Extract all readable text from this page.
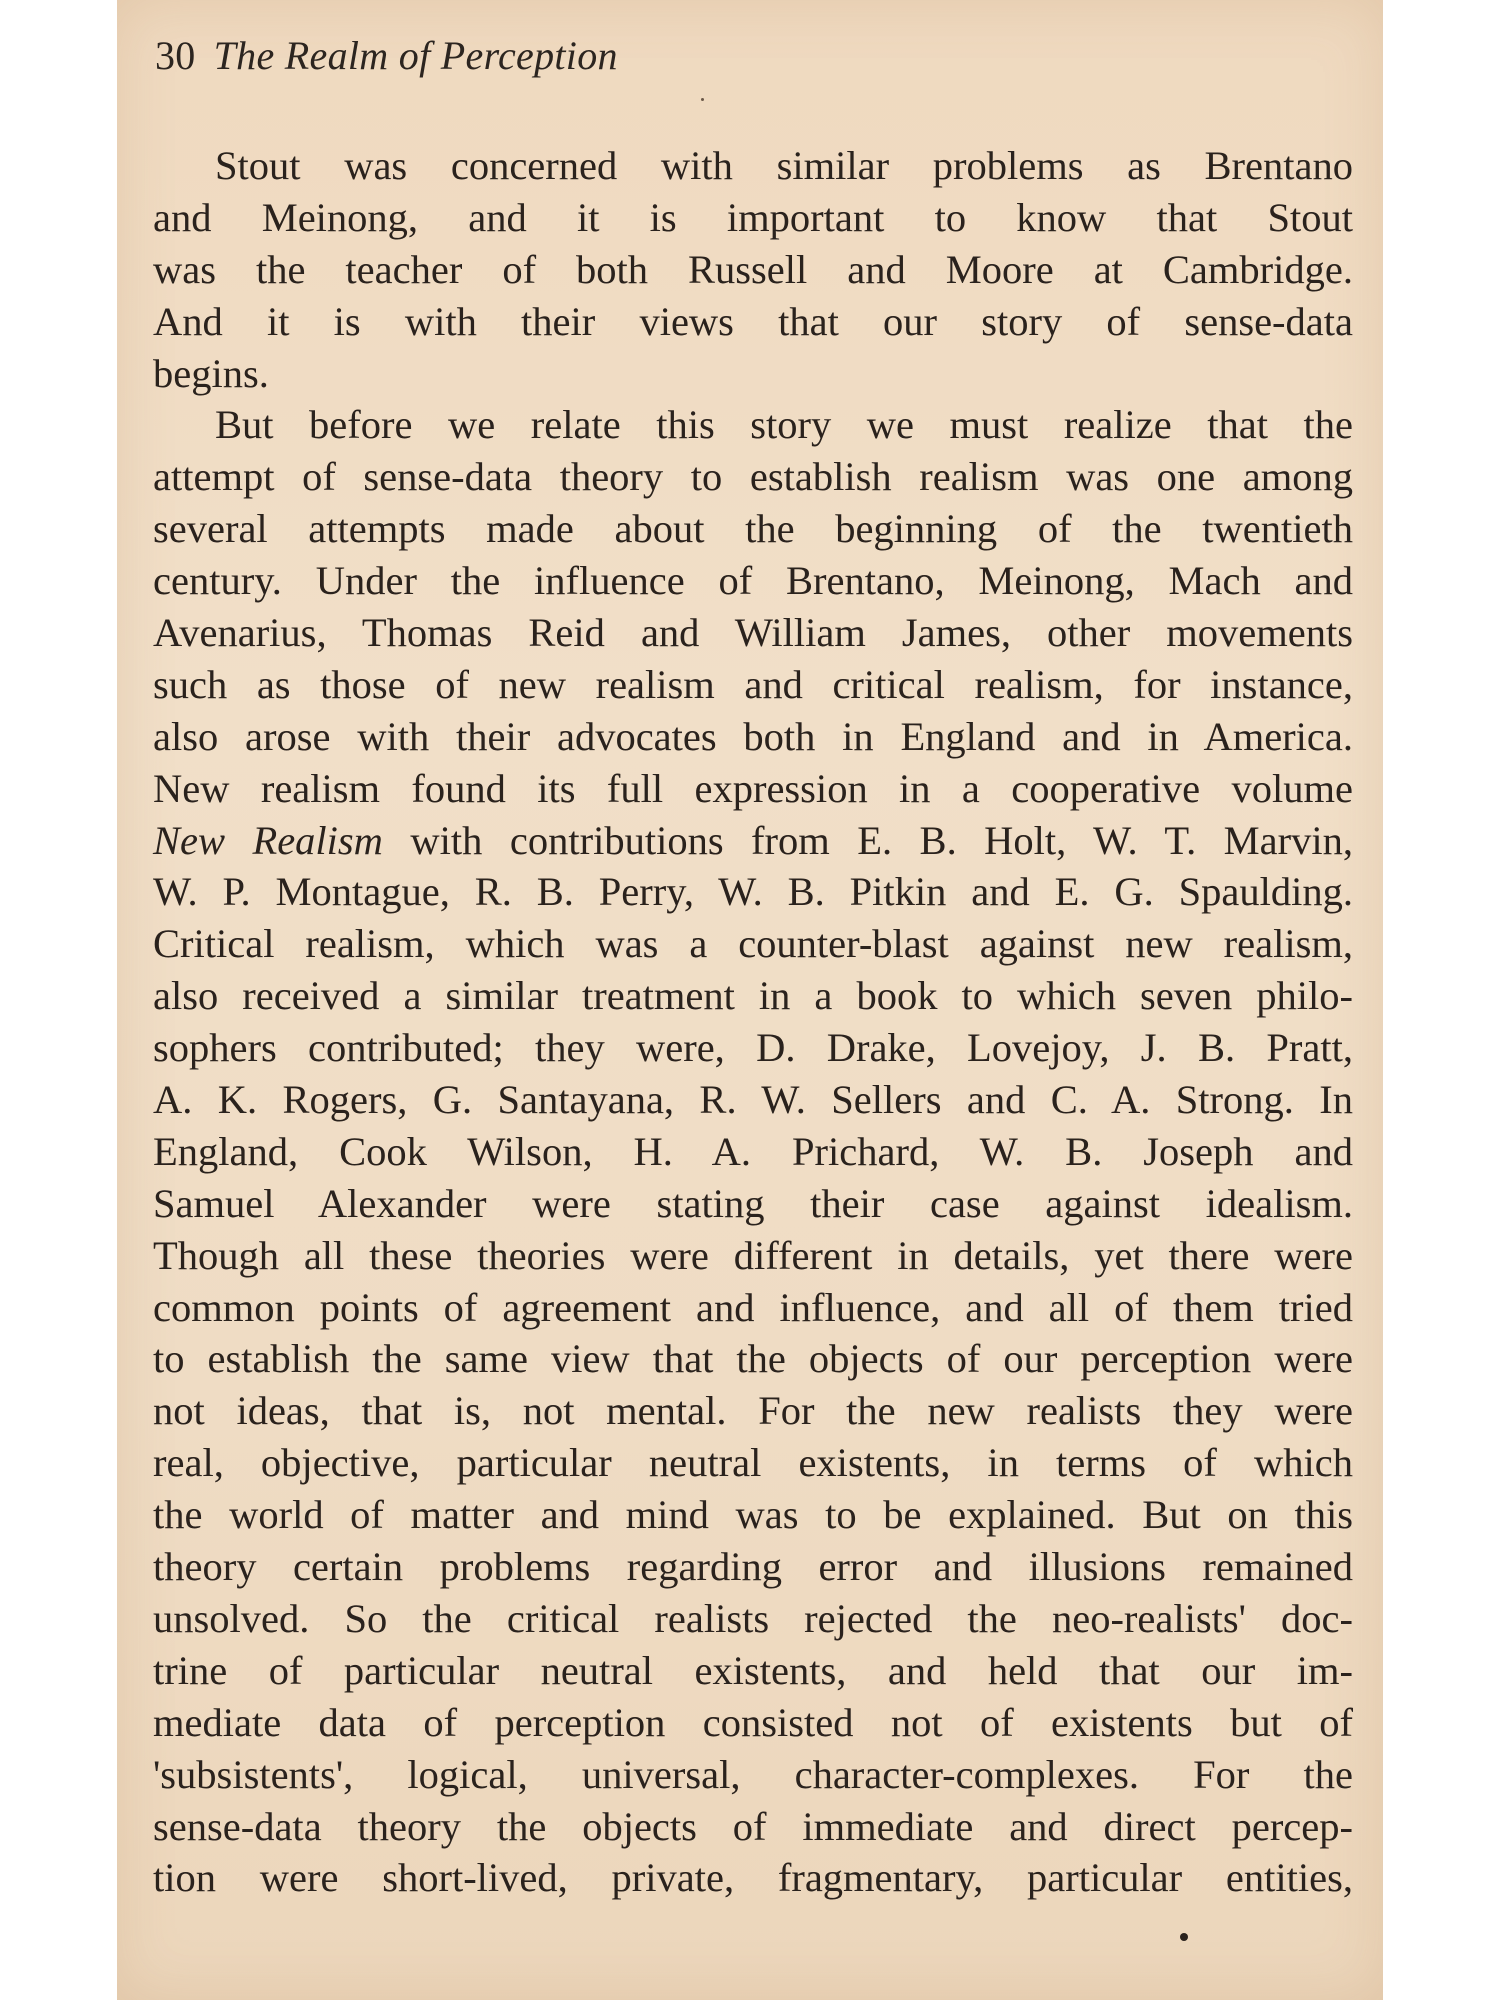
30 The Realm of Perception
Stout was concerned with similar problems as Brentano
and Meinong, and it is important to know that Stout
was the teacher of both Russell and Moore at Cambridge.
And it is with their views that our story of sense-data
begins.
But before we relate this story we must realize that the
attempt of sense-data theory to establish realism was one among
several attempts made about the beginning of the twentieth
century. Under the influence of Brentano, Meinong, Mach and
Avenarius, Thomas Reid and William James, other movements
such as those of new realism and critical realism, for instance,
also arose with their advocates both in England and in America.
New realism found its full expression in a cooperative volume
New Realism with contributions from E. B. Holt, W. T. Marvin,
W. P. Montague, R. B. Perry, W. B. Pitkin and E. G. Spaulding.
Critical realism, which was a counter-blast against new realism,
also received a similar treatment in a book to which seven philo-
sophers contributed; they were, D. Drake, Lovejoy, J. B. Pratt,
A. K. Rogers, G. Santayana, R. W. Sellers and C. A. Strong. In
England, Cook Wilson, H. A. Prichard, W. B. Joseph and
Samuel Alexander were stating their case against idealism.
Though all these theories were different in details, yet there were
common points of agreement and influence, and all of them tried
to establish the same view that the objects of our perception were
not ideas, that is, not mental. For the new realists they were
real, objective, particular neutral existents, in terms of which
the world of matter and mind was to be explained. But on this
theory certain problems regarding error and illusions remained
unsolved. So the critical realists rejected the neo-realists' doc-
trine of particular neutral existents, and held that our im-
mediate data of perception consisted not of existents but of
'subsistents', logical, universal, character-complexes. For the
sense-data theory the objects of immediate and direct percep-
tion were short-lived, private, fragmentary, particular entities,
